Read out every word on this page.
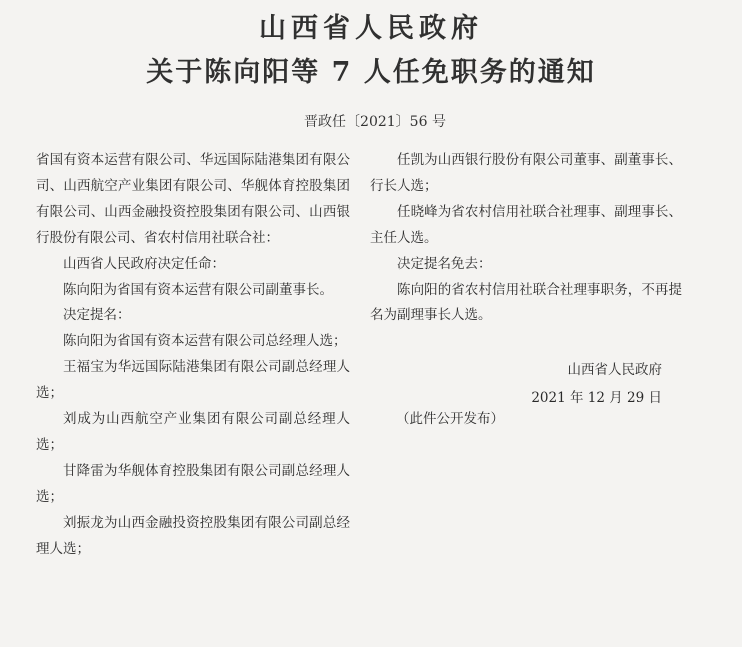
山西省人民政府
关于陈向阳等 7 人任免职务的通知
晋政任〔2021〕56 号

省国有资本运营有限公司、华远国际陆港集团有限公司、山西航空产业集团有限公司、华舰体育控股集团有限公司、山西金融投资控股集团有限公司、山西银行股份有限公司、省农村信用社联合社：

山西省人民政府决定任命：

陈向阳为省国有资本运营有限公司副董事长。

决定提名：

陈向阳为省国有资本运营有限公司总经理人选；

王福宝为华远国际陆港集团有限公司副总经理人选；

刘成为山西航空产业集团有限公司副总经理人选；

甘降雷为华舰体育控股集团有限公司副总经理人选；

刘振龙为山西金融投资控股集团有限公司副总经理人选；

任凯为山西银行股份有限公司董事、副董事长、行长人选；

任晓峰为省农村信用社联合社理事、副理事长、主任人选。

决定提名免去：

陈向阳的省农村信用社联合社理事职务，不再提名为副理事长人选。

山西省人民政府
2021 年 12 月 29 日
（此件公开发布）
